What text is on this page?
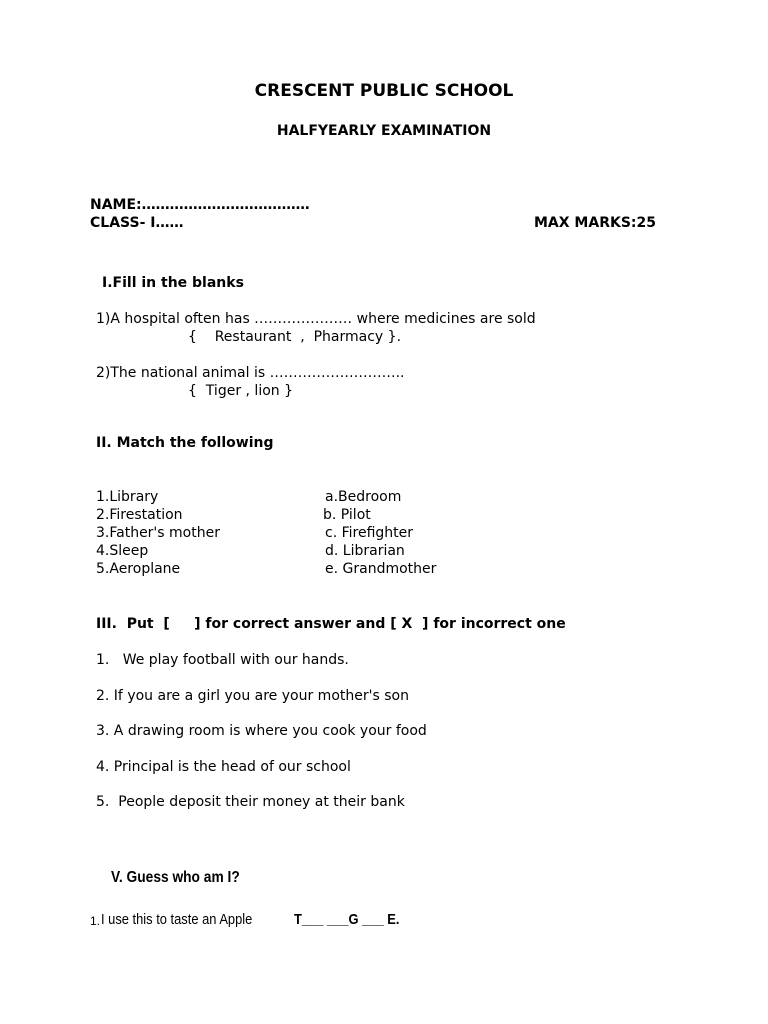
CRESCENT PUBLIC SCHOOL
HALFYEARLY EXAMINATION
NAME:………………………………
CLASS- I……	MAX MARKS:25
I.Fill in the blanks
1)A hospital often has ………………… where medicines are sold
{    Restaurant  ,  Pharmacy }.
2)The national animal is ………………………..
{  Tiger , lion }
II. Match the following
1.Library
2.Firestation
3.Father's mother
4.Sleep
5.Aeroplane
a.Bedroom
b. Pilot
c. Firefighter
d. Librarian
e. Grandmother
III.  Put  [     ] for correct answer and [ X  ] for incorrect one
1.   We play football with our hands.
2. If you are a girl you are your mother's son
3. A drawing room is where you cook your food
4. Principal is the head of our school
5.  People deposit their money at their bank
V. Guess who am I?
1. I use this to taste an Apple	T___ ___G ___ E.
